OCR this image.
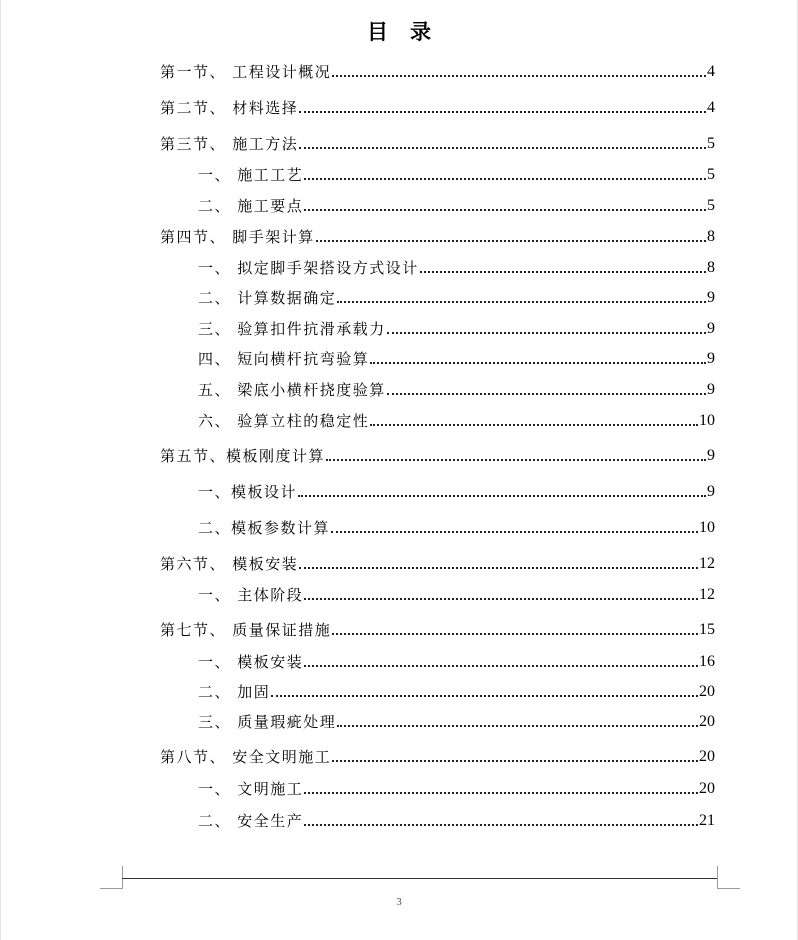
目录
第一节、 工程设计概况	4
第二节、 材料选择	4
第三节、 施工方法	5
一、 施工工艺	5
二、 施工要点	5
第四节、 脚手架计算	8
一、 拟定脚手架搭设方式设计	8
二、 计算数据确定	9
三、 验算扣件抗滑承载力	9
四、 短向横杆抗弯验算	9
五、 梁底小横杆挠度验算	9
六、 验算立柱的稳定性	10
第五节、模板刚度计算	9
一、模板设计	9
二、模板参数计算	10
第六节、 模板安装	12
一、 主体阶段	12
第七节、 质量保证措施	15
一、 模板安装	16
二、 加固	20
三、 质量瑕疵处理	20
第八节、 安全文明施工	20
一、 文明施工	20
二、 安全生产	21
3
